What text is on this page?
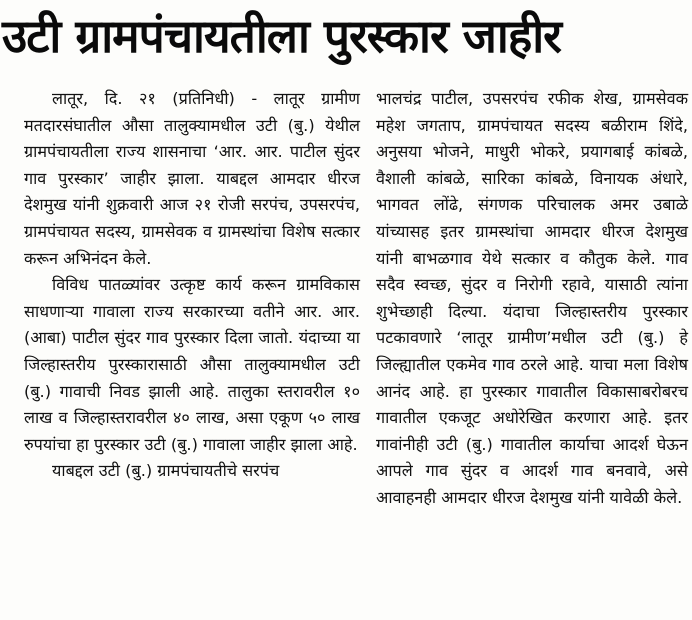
उटी ग्रामपंचायतीला पुरस्कार जाहीर

लातूर, दि. २१ (प्रतिनिधी) - लातूर ग्रामीण मतदारसंघातील औसा तालुक्यामधील उटी (बु.) येथील ग्रामपंचायतीला राज्य शासनाचा ‘आर. आर. पाटील सुंदर गाव पुरस्कार’ जाहीर झाला. याबद्दल आमदार धीरज देशमुख यांनी शुक्रवारी आज २१ रोजी सरपंच, उपसरपंच, ग्रामपंचायत सदस्य, ग्रामसेवक व ग्रामस्थांचा विशेष सत्कार करून अभिनंदन केले.

विविध पातळ्यांवर उत्कृष्ट कार्य करून ग्रामविकास साधणाऱ्या गावाला राज्य सरकारच्या वतीने आर. आर. (आबा) पाटील सुंदर गाव पुरस्कार दिला जातो. यंदाच्या या जिल्हास्तरीय पुरस्कारासाठी औसा तालुक्यामधील उटी (बु.) गावाची निवड झाली आहे. तालुका स्तरावरील १० लाख व जिल्हास्तरावरील ४० लाख, असा एकूण ५० लाख रुपयांचा हा पुरस्कार उटी (बु.) गावाला जाहीर झाला आहे.

याबद्दल उटी (बु.) ग्रामपंचायतीचे सरपंच

भालचंद्र पाटील, उपसरपंच रफीक शेख, ग्रामसेवक महेश जगताप, ग्रामपंचायत सदस्य बळीराम शिंदे, अनुसया भोजने, माधुरी भोकरे, प्रयागबाई कांबळे, वैशाली कांबळे, सारिका कांबळे, विनायक अंधारे, भागवत लोंढे, संगणक परिचालक अमर उबाळे यांच्यासह इतर ग्रामस्थांचा आमदार धीरज देशमुख यांनी बाभळगाव येथे सत्कार व कौतुक केले. गाव सदैव स्वच्छ, सुंदर व निरोगी रहावे, यासाठी त्यांना शुभेच्छाही दिल्या. यंदाचा जिल्हास्तरीय पुरस्कार पटकावणारे ‘लातूर ग्रामीण’मधील उटी (बु.) हे जिल्ह्यातील एकमेव गाव ठरले आहे. याचा मला विशेष आनंद आहे. हा पुरस्कार गावातील विकासाबरोबरच गावातील एकजूट अधोरेखित करणारा आहे. इतर गावांनीही उटी (बु.) गावातील कार्याचा आदर्श घेऊन आपले गाव सुंदर व आदर्श गाव बनवावे, असे आवाहनही आमदार धीरज देशमुख यांनी यावेळी केले.
